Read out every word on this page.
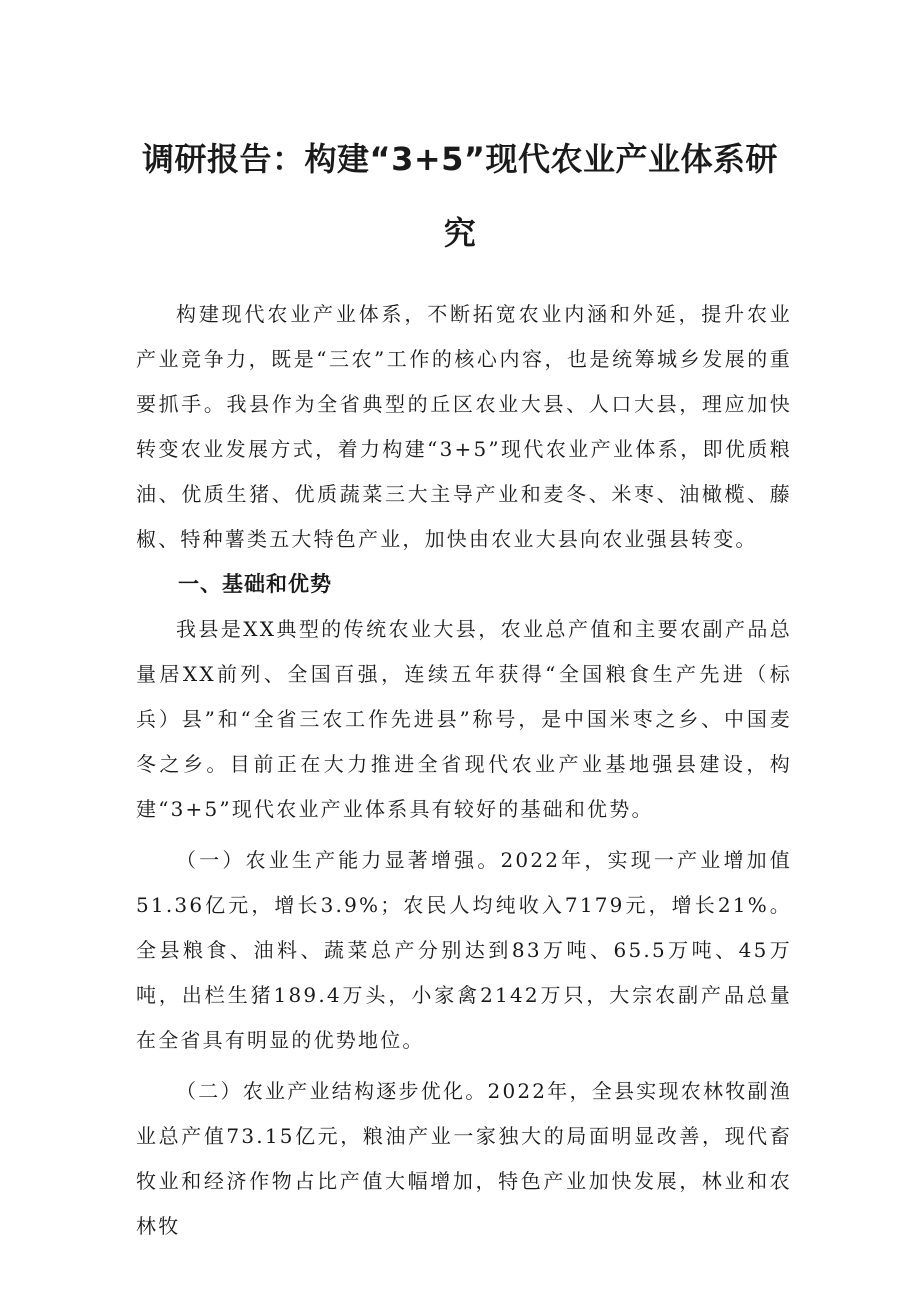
调研报告：构建“3+5”现代农业产业体系研
究

构建现代农业产业体系，不断拓宽农业内涵和外延，提升农业产业竞争力，既是“三农”工作的核心内容，也是统筹城乡发展的重要抓手。我县作为全省典型的丘区农业大县、人口大县，理应加快转变农业发展方式，着力构建“3+5”现代农业产业体系，即优质粮油、优质生猪、优质蔬菜三大主导产业和麦冬、米枣、油橄榄、藤椒、特种薯类五大特色产业，加快由农业大县向农业强县转变。

一、基础和优势

我县是XX典型的传统农业大县，农业总产值和主要农副产品总量居XX前列、全国百强，连续五年获得“全国粮食生产先进（标兵）县”和“全省三农工作先进县”称号，是中国米枣之乡、中国麦冬之乡。目前正在大力推进全省现代农业产业基地强县建设，构建“3+5”现代农业产业体系具有较好的基础和优势。

（一）农业生产能力显著增强。2022年，实现一产业增加值51.36亿元，增长3.9%；农民人均纯收入7179元，增长21%。全县粮食、油料、蔬菜总产分别达到83万吨、65.5万吨、45万吨，出栏生猪189.4万头，小家禽2142万只，大宗农副产品总量在全省具有明显的优势地位。

（二）农业产业结构逐步优化。2022年，全县实现农林牧副渔业总产值73.15亿元，粮油产业一家独大的局面明显改善，现代畜牧业和经济作物占比产值大幅增加，特色产业加快发展，林业和农林牧
